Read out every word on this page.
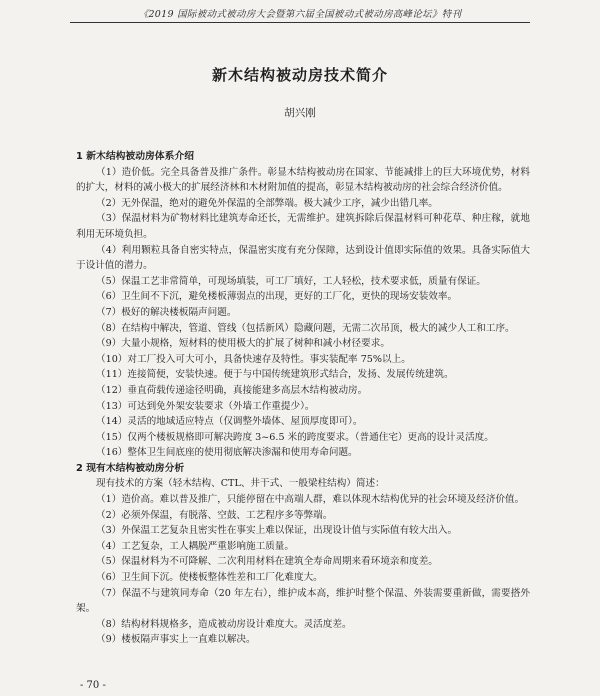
《2019 国际被动式被动房大会暨第六届全国被动式被动房高峰论坛》特刊
新木结构被动房技术简介
胡兴刚

1 新木结构被动房体系介绍

（1）造价低。完全具备普及推广条件。彰显木结构被动房在国家、节能减排上的巨大环境优势，材料的扩大，材料的减小极大的扩展经济林和木材附加值的提高，彰显木结构被动房的社会综合经济价值。

（2）无外保温，绝对的避免外保温的全部弊端。极大减少工序，减少出错几率。

（3）保温材料为矿物材料比建筑寿命还长，无需维护。建筑拆除后保温材料可种花草、种庄稼，就地利用无环境负担。

（4）利用颗粒具备自密实特点，保温密实度有充分保障，达到设计值即实际值的效果。具备实际值大于设计值的潜力。

（5）保温工艺非常简单，可现场填装，可工厂填好，工人轻松，技术要求低，质量有保证。

（6）卫生间不下沉，避免楼板薄弱点的出现，更好的工厂化，更快的现场安装效率。

（7）极好的解决楼板隔声问题。

（8）在结构中解决，管道、管线（包括新风）隐藏问题，无需二次吊顶，极大的减少人工和工序。

（9）大量小规格，短材料的使用极大的扩展了树种和减小材径要求。

（10）对工厂投入可大可小，具备快速存及特性。事实装配率 75%以上。

（11）连接简便，安装快速。便于与中国传统建筑形式结合，发扬、发展传统建筑。

（12）垂直荷载传递途径明确，真接能建多高层木结构被动房。

（13）可达到免外架安装要求（外墙工作重提少）。

（14）灵活的地域适应特点（仅调整外墙体、屋顶厚度即可）。

（15）仅两个楼板规格即可解决跨度 3~6.5 米的跨度要求。（普通住宅）更高的设计灵活度。

（16）整体卫生间底座的使用彻底解决渗漏和使用寿命问题。

2 现有木结构被动房分析

现有技术的方案（轻木结构、CTL、井干式、一般梁柱结构）简述：

（1）造价高。难以普及推广，只能停留在中高端人群，难以体现木结构优异的社会环境及经济价值。

（2）必须外保温，有脱落、空鼓、工艺程序多等弊端。

（3）外保温工艺复杂且密实性在事实上难以保证，出现设计值与实际值有较大出入。

（4）工艺复杂，工人耦脱严重影响施工质量。

（5）保温材料为不可降解、二次利用材料在建筑全寿命周期来看环境亲和度差。

（6）卫生间下沉。使楼板整体性差和工厂化难度大。

（7）保温不与建筑同寿命（20 年左右），维护成本高，维护时整个保温、外装需要重新做，需要搭外架。

（8）结构材料规格多，造成被动房设计难度大。灵活度差。

（9）楼板隔声事实上一直难以解决。

- 70 -
